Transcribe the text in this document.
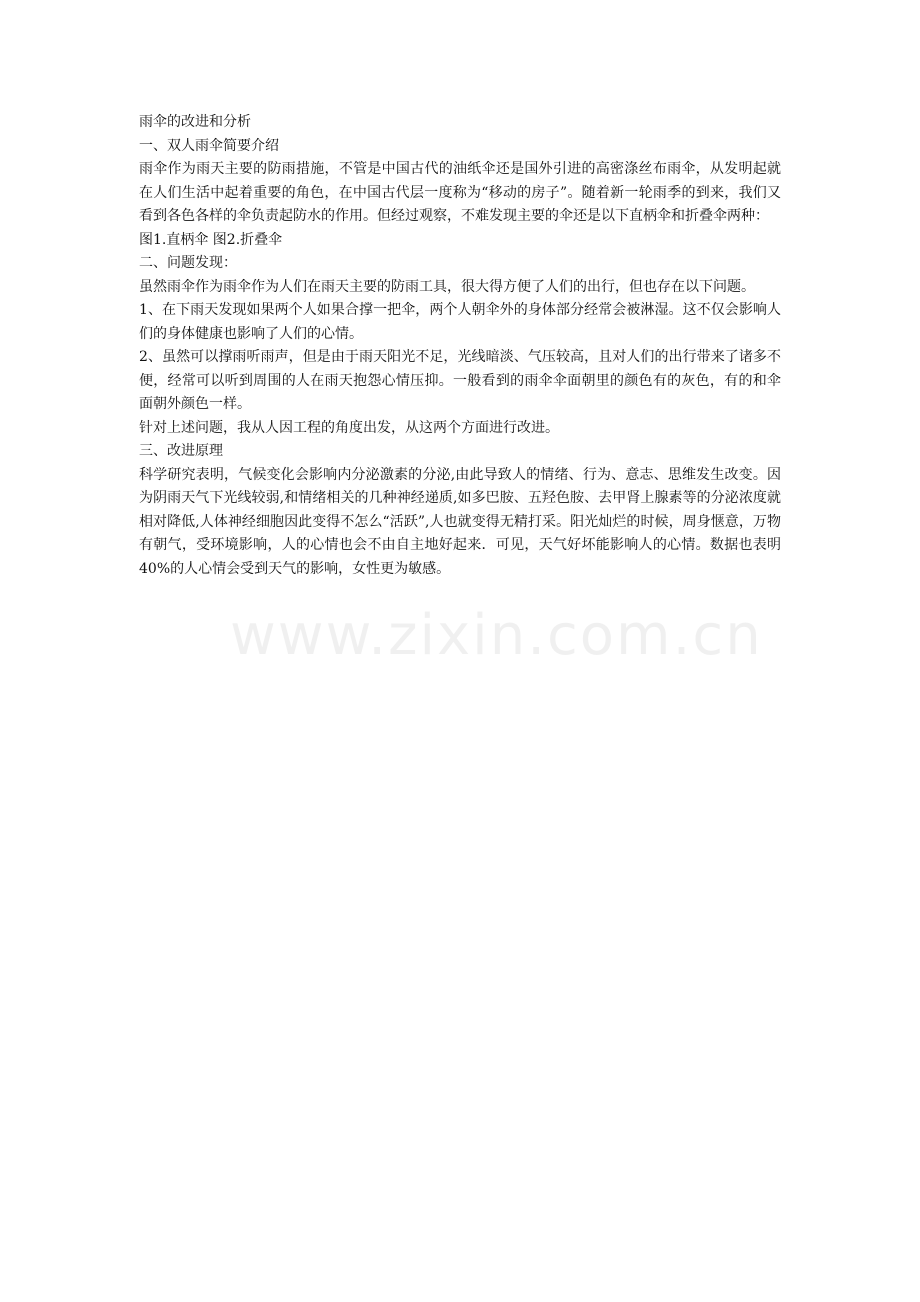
雨伞的改进和分析

一、双人雨伞简要介绍

雨伞作为雨天主要的防雨措施，不管是中国古代的油纸伞还是国外引进的高密涤丝布雨伞，从发明起就在人们生活中起着重要的角色，在中国古代层一度称为“移动的房子”。随着新一轮雨季的到来，我们又看到各色各样的伞负责起防水的作用。但经过观察，不难发现主要的伞还是以下直柄伞和折叠伞两种：

图1.直柄伞 图2.折叠伞

二、问题发现：

虽然雨伞作为雨伞作为人们在雨天主要的防雨工具，很大得方便了人们的出行，但也存在以下问题。

1、在下雨天发现如果两个人如果合撑一把伞，两个人朝伞外的身体部分经常会被淋湿。这不仅会影响人们的身体健康也影响了人们的心情。

2、虽然可以撑雨听雨声，但是由于雨天阳光不足，光线暗淡、气压较高，且对人们的出行带来了诸多不便，经常可以听到周围的人在雨天抱怨心情压抑。一般看到的雨伞伞面朝里的颜色有的灰色，有的和伞面朝外颜色一样。

针对上述问题，我从人因工程的角度出发，从这两个方面进行改进。

三、改进原理

科学研究表明，气候变化会影响内分泌激素的分泌,由此导致人的情绪、行为、意志、思维发生改变。因为阴雨天气下光线较弱,和情绪相关的几种神经递质,如多巴胺、五羟色胺、去甲肾上腺素等的分泌浓度就相对降低,人体神经细胞因此变得不怎么“活跃”,人也就变得无精打采。阳光灿烂的时候，周身惬意，万物有朝气，受环境影响，人的心情也会不由自主地好起来．可见，天气好坏能影响人的心情。数据也表明40%的人心情会受到天气的影响，女性更为敏感。

www.zixin.com.cn
